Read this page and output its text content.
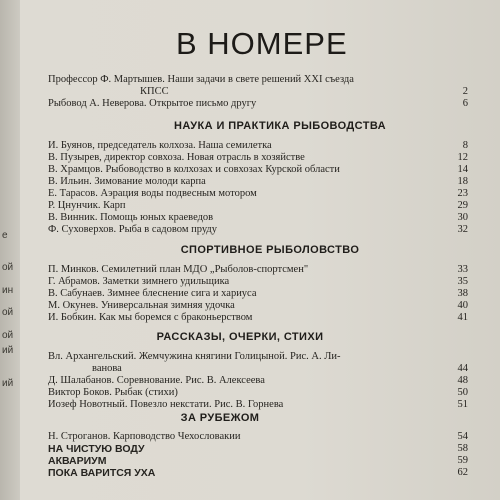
е
ой
ин
ой
ой
ий
ий
В НОМЕРЕ
Профессор Ф. Мартышев. Наши задачи в свете решений XXI съезда
КПСС	2
Рыбовод А. Неверова. Открытое письмо другу	6
НАУКА И ПРАКТИКА РЫБОВОДСТВА
И. Буянов, председатель колхоза. Наша семилетка	8
В. Пузырев, директор совхоза. Новая отрасль в хозяйстве	12
В. Храмцов. Рыбоводство в колхозах и совхозах Курской области	14
В. Ильин. Зимование молоди карпа	18
Е. Тарасов. Аэрация воды подвесным мотором	23
Р. Цнунчик. Карп	29
В. Винник. Помощь юных краеведов	30
Ф. Суховерхов. Рыба в садовом пруду	32
СПОРТИВНОЕ РЫБОЛОВСТВО
П. Минков. Семилетний план МДО „Рыболов-спортсмен"	33
Г. Абрамов. Заметки зимнего удильщика	35
В. Сабунаев. Зимнее блеснение сига и хариуса	38
М. Окунев. Универсальная зимняя удочка	40
И. Бобкин. Как мы боремся с браконьерством	41
РАССКАЗЫ, ОЧЕРКИ, СТИХИ
Вл. Архангельский. Жемчужина княгини Голицыной. Рис. А. Ли-
ванова	44
Д. Шалабанов. Соревнование. Рис. В. Алексеева	48
Виктор Боков. Рыбак (стихи)	50
Иозеф Новотный. Повезло некстати. Рис. В. Горнева	51
ЗА РУБЕЖОМ
Н. Строганов. Карповодство Чехословакии	54
НА ЧИСТУЮ ВОДУ	58
АКВАРИУМ	59
ПОКА ВАРИТСЯ УХА	62
